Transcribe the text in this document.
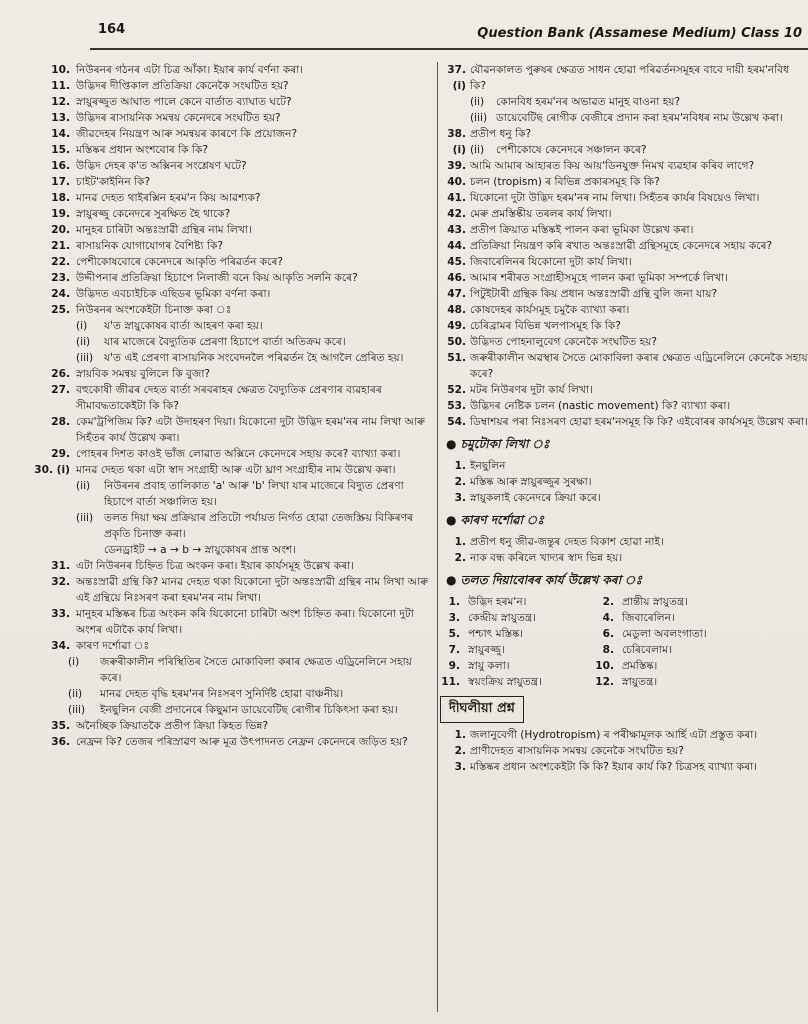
164	Question Bank (Assamese Medium) Class 10
10. নিউৰনৰ গঠনৰ এটা চিত্ৰ আঁকা। ইয়াৰ কাৰ্য বৰ্ণনা কৰা।
11. উদ্ভিদৰ দীপ্তিকাল প্ৰতিক্ৰিয়া কেনেকৈ সংঘটিত হয়?
12. স্নায়ুৰজ্জুত আঘাত পালে কেনে বাৰ্তাত ব্যাঘাত ঘটে?
13. উদ্ভিদৰ ৰাসায়নিক সমন্বয় কেনেদৰে সংঘটিত হয়?
14. জীৱদেহৰ নিয়ন্ত্ৰণ আৰু সমন্বয়ৰ কাৰণে কি প্ৰয়োজন?
15. মস্তিষ্কৰ প্ৰধান অংশবোৰ কি কি?
16. উদ্ভিদ দেহৰ ক'ত অক্সিনৰ সংশ্লেষণ ঘটে?
17. চাইট'কাইনিন কি?
18. মানৱ দেহত থাইৰক্সিন হৰম'ন কিয় আৱশ্যক?
19. স্নায়ুৰজ্জু কেনেদৰে সুৰক্ষিত হৈ থাকে?
20. মানুহৰ চাৰিটা অন্তঃস্ৰাৱী গ্ৰন্থিৰ নাম লিখা।
21. ৰাসায়নিক যোগাযোগৰ বৈশিষ্ট্য কি?
22. পেশীকোষবোৰে কেনেদৰে আকৃতি পৰিৱৰ্তন কৰে?
23. উদ্দীপনাৰ প্ৰতিক্ৰিয়া হিচাপে নিলাজী বনে কিয় আকৃতি সলনি কৰে?
24. উদ্ভিদত এবচাইচিক এছিডৰ ভূমিকা বৰ্ণনা কৰা।
25. নিউৰনৰ অংশকেইটা চিনাক্ত কৰা ঃ
(i)	য'ত স্নায়ুকোষৰ বাৰ্তা আহৰণ কৰা হয়।
(ii)	যাৰ মাজেৰে বৈদ্যুতিক প্ৰেৰণা হিচাপে বাৰ্তা অতিক্ৰম কৰে।
(iii)	য'ত এই প্ৰেৰণা ৰাসায়নিক সংবেদনলৈ পৰিৱৰ্তন হৈ আগলৈ প্ৰেৰিত হয়।
26. স্নায়বিক সমন্বয় বুলিলে কি বুজা?
27. বহুকোষী জীৱৰ দেহত বাৰ্তা সৰবৰাহৰ ক্ষেত্ৰত বৈদ্যুতিক প্ৰেৰণাৰ ব্যৱহাৰৰ সীমাবদ্ধতাকেইটা কি কি?
28. কেম'ট্ৰপিজিম কি? এটা উদাহৰণ দিয়া। যিকোনো দুটা উদ্ভিদ হৰম'নৰ নাম লিখা আৰু সিহঁতৰ কাৰ্য উল্লেখ কৰা।
29. পোহৰৰ দিশত কাওই ভাঁজ লোৱাত অক্সিনে কেনেদৰে সহায় কৰে? ব্যাখ্যা কৰা।
30. (i) মানৱ দেহত থকা এটা স্বাদ সংগ্ৰাহী আৰু এটা ঘ্ৰাণ সংগ্ৰাহীৰ নাম উল্লেখ কৰা।
(ii)	নিউৰনৰ প্ৰবাহ তালিকাত 'a' আৰু 'b' লিখা যাৰ মাজেৰে বিদ্যুত প্ৰেৰণা হিচাপে বাৰ্তা সঞ্চালিত হয়।
(iii)	তলত দিয়া ক্ষয় প্ৰক্ৰিয়াৰ প্ৰতিটো পৰ্যায়ত নিৰ্গত হোৱা তেজস্ক্ৰিয় বিকিৰণৰ প্ৰকৃতি চিনাক্ত কৰা।
ডেনড্ৰাইট → a → b → স্নায়ুকোষৰ প্ৰান্ত অংশ।
31. এটা নিউৰনৰ চিহ্নিত চিত্ৰ অংকন কৰা। ইয়াৰ কাৰ্যসমূহ উল্লেখ কৰা।
32. অন্তঃস্ৰাৱী গ্ৰন্থি কি? মানৱ দেহত থকা যিকোনো দুটা অন্তঃস্ৰাৱী গ্ৰন্থিৰ নাম লিখা আৰু এই গ্ৰন্থিয়ে নিঃসৰণ কৰা হৰম'নৰ নাম লিখা।
33. মানুহৰ মস্তিষ্কৰ চিত্ৰ অংকন কৰি যিকোনো চাৰিটা অংশ চিহ্নিত কৰা। যিকোনো দুটা অংশৰ এটাকৈ কাৰ্য লিখা।
34. কাৰণ দৰ্শোৱা ঃ
(i)	জৰুৰীকালীন পৰিস্থিতিৰ সৈতে মোকাবিলা কৰাৰ ক্ষেত্ৰত এড্ৰিনেলিনে সহায় কৰে।
(ii)	মানৱ দেহত বৃদ্ধি হৰম'নৰ নিঃসৰণ সুনিৰ্দিষ্ট হোৱা বাঞ্চনীয়।
(iii)	ইনছুলিন বেজী প্ৰদানেৰে কিছুমান ডায়েবেটিছ ৰোগীৰ চিকিৎসা কৰা হয়।
35. অনৈচ্ছিক ক্ৰিয়াতকৈ প্ৰতীপ ক্ৰিয়া কিহত ভিন্ন?
36. নেফ্ৰন কি? তেজৰ পৰিস্ৰাৱণ আৰু মূত্ৰ উৎপাদনত নেফ্ৰন কেনেদৰে জড়িত হয়?
37. (i)
যৌৱনকালত পুৰুষৰ ক্ষেত্ৰত সাধন হোৱা পৰিৱৰ্তনসমূহৰ বাবে দায়ী হৰম'নবিধ কি?
(ii)	কোনবিধ হৰম'নৰ অভাৱত মানুহ বাওনা হয়?
(iii) ডায়েবেটিছ ৰোগীক বেজীৰে প্ৰদান কৰা হৰম'নবিধৰ নাম উল্লেখ কৰা।
38. (i)
প্ৰতীপ ধনু কি?
(ii)	পেশীকোষে কেনেদৰে সঞ্চালন কৰে?
39. আমি আমাৰ আহাৰত কিয় আয়'ডিনযুক্ত নিমখ ব্যৱহাৰ কৰিব লাগে?
40. চলন (tropism) ৰ বিভিন্ন প্ৰকাৰসমূহ কি কি?
41. যিকোনো দুটা উদ্ভিদ হৰম'নৰ নাম লিখা। সিহঁতৰ কাৰ্যৰ বিষয়েও লিখা।
42. মেৰু প্ৰমস্তিষ্কীয় তৰলৰ কাৰ্য লিখা।
43. প্ৰতীপ ক্ৰিয়াত মস্তিষ্কই পালন কৰা ভূমিকা উল্লেখ কৰা।
44. প্ৰতিক্ৰিয়া নিয়ন্ত্ৰণ কৰি ৰখাত অন্তঃস্ৰাৱী গ্ৰন্থিসমূহে কেনেদৰে সহায় কৰে?
45. জিবাৰেলিনৰ যিকোনো দুটা কাৰ্য লিখা।
46. আমাৰ শৰীৰত সংগ্ৰাহীসমূহে পালন কৰা ভূমিকা সম্পৰ্কে লিখা।
47. পিটুইটাৰী গ্ৰন্থিক কিয় প্ৰধান অন্তঃস্ৰাৱী গ্ৰন্থি বুলি জনা যায়?
48. কোষদেহৰ কাৰ্যসমূহ চমুকৈ ব্যাখ্যা কৰা।
49. চেৰিব্ৰামৰ বিভিন্ন খলপাসমূহ কি কি?
50. উদ্ভিদত পোহনালুবেগ কেনেকৈ সংঘটিত হয়?
51. জৰুৰীকালীন অৱস্থাৰ সৈতে মোকাবিলা কৰাৰ ক্ষেত্ৰত এড্ৰিনেলিনে কেনেকৈ সহায় কৰে?
52. মটৰ নিউৰণৰ দুটা কাৰ্য লিখা।
53. উদ্ভিদৰ নেষ্টিক চলন (nastic movement) কি? ব্যাখ্যা কৰা।
54. ডিম্বাশয়ৰ পৰা নিঃসৰণ হোৱা হৰম'নসমূহ কি কি? এইবোৰৰ কাৰ্যসমূহ উল্লেখ কৰা।
● চমুটোকা লিখা ঃ
1. ইনছুলিন
2. মস্তিষ্ক আৰু স্নায়ুৰজ্জুৰ সুৰক্ষা।
3. স্নায়ুকলাই কেনেদৰে ক্ৰিয়া কৰে।
● কাৰণ দৰ্শোৱা ঃ
1. প্ৰতীপ ধনু জীৱ-জন্তুৰ দেহত বিকাশ হোৱা নাই।
2. নাক বন্ধ কৰিলে খাদ্যৰ স্বাদ ভিন্ন হয়।
● তলত দিয়াবোৰৰ কাৰ্য উল্লেখ কৰা ঃ
1. উদ্ভিদ হৰম'ন।	2. প্ৰান্তীয় স্নায়ুতন্ত্ৰ।
3. কেন্দ্ৰীয় স্নায়ুতন্ত্ৰ।	4. জিবাৰেলিন।
5. পশ্চাৎ মস্তিষ্ক।	6. মেডুলা অবলংগাতা।
7. স্নায়ুৰজ্জু।	8. চেৰিবেলাম।
9. স্নায়ু কলা।	10. প্ৰমস্তিষ্ক।
11. স্বয়ংক্ৰিয় স্নায়ুতন্ত্ৰ।	12. স্নায়ুতন্ত্ৰ।
দীঘলীয়া প্ৰশ্ন
1. জলানুবেগী (Hydrotropism) ৰ পৰীক্ষামূলক আৰ্হি এটা প্ৰস্তুত কৰা।
2. প্ৰাণীদেহত ৰাসায়নিক সমন্বয় কেনেকৈ সংঘটিত হয়?
3. মস্তিষ্কৰ প্ৰধান অংশকেইটা কি কি? ইয়াৰ কাৰ্য কি? চিত্ৰসহ ব্যাখ্যা কৰা।
